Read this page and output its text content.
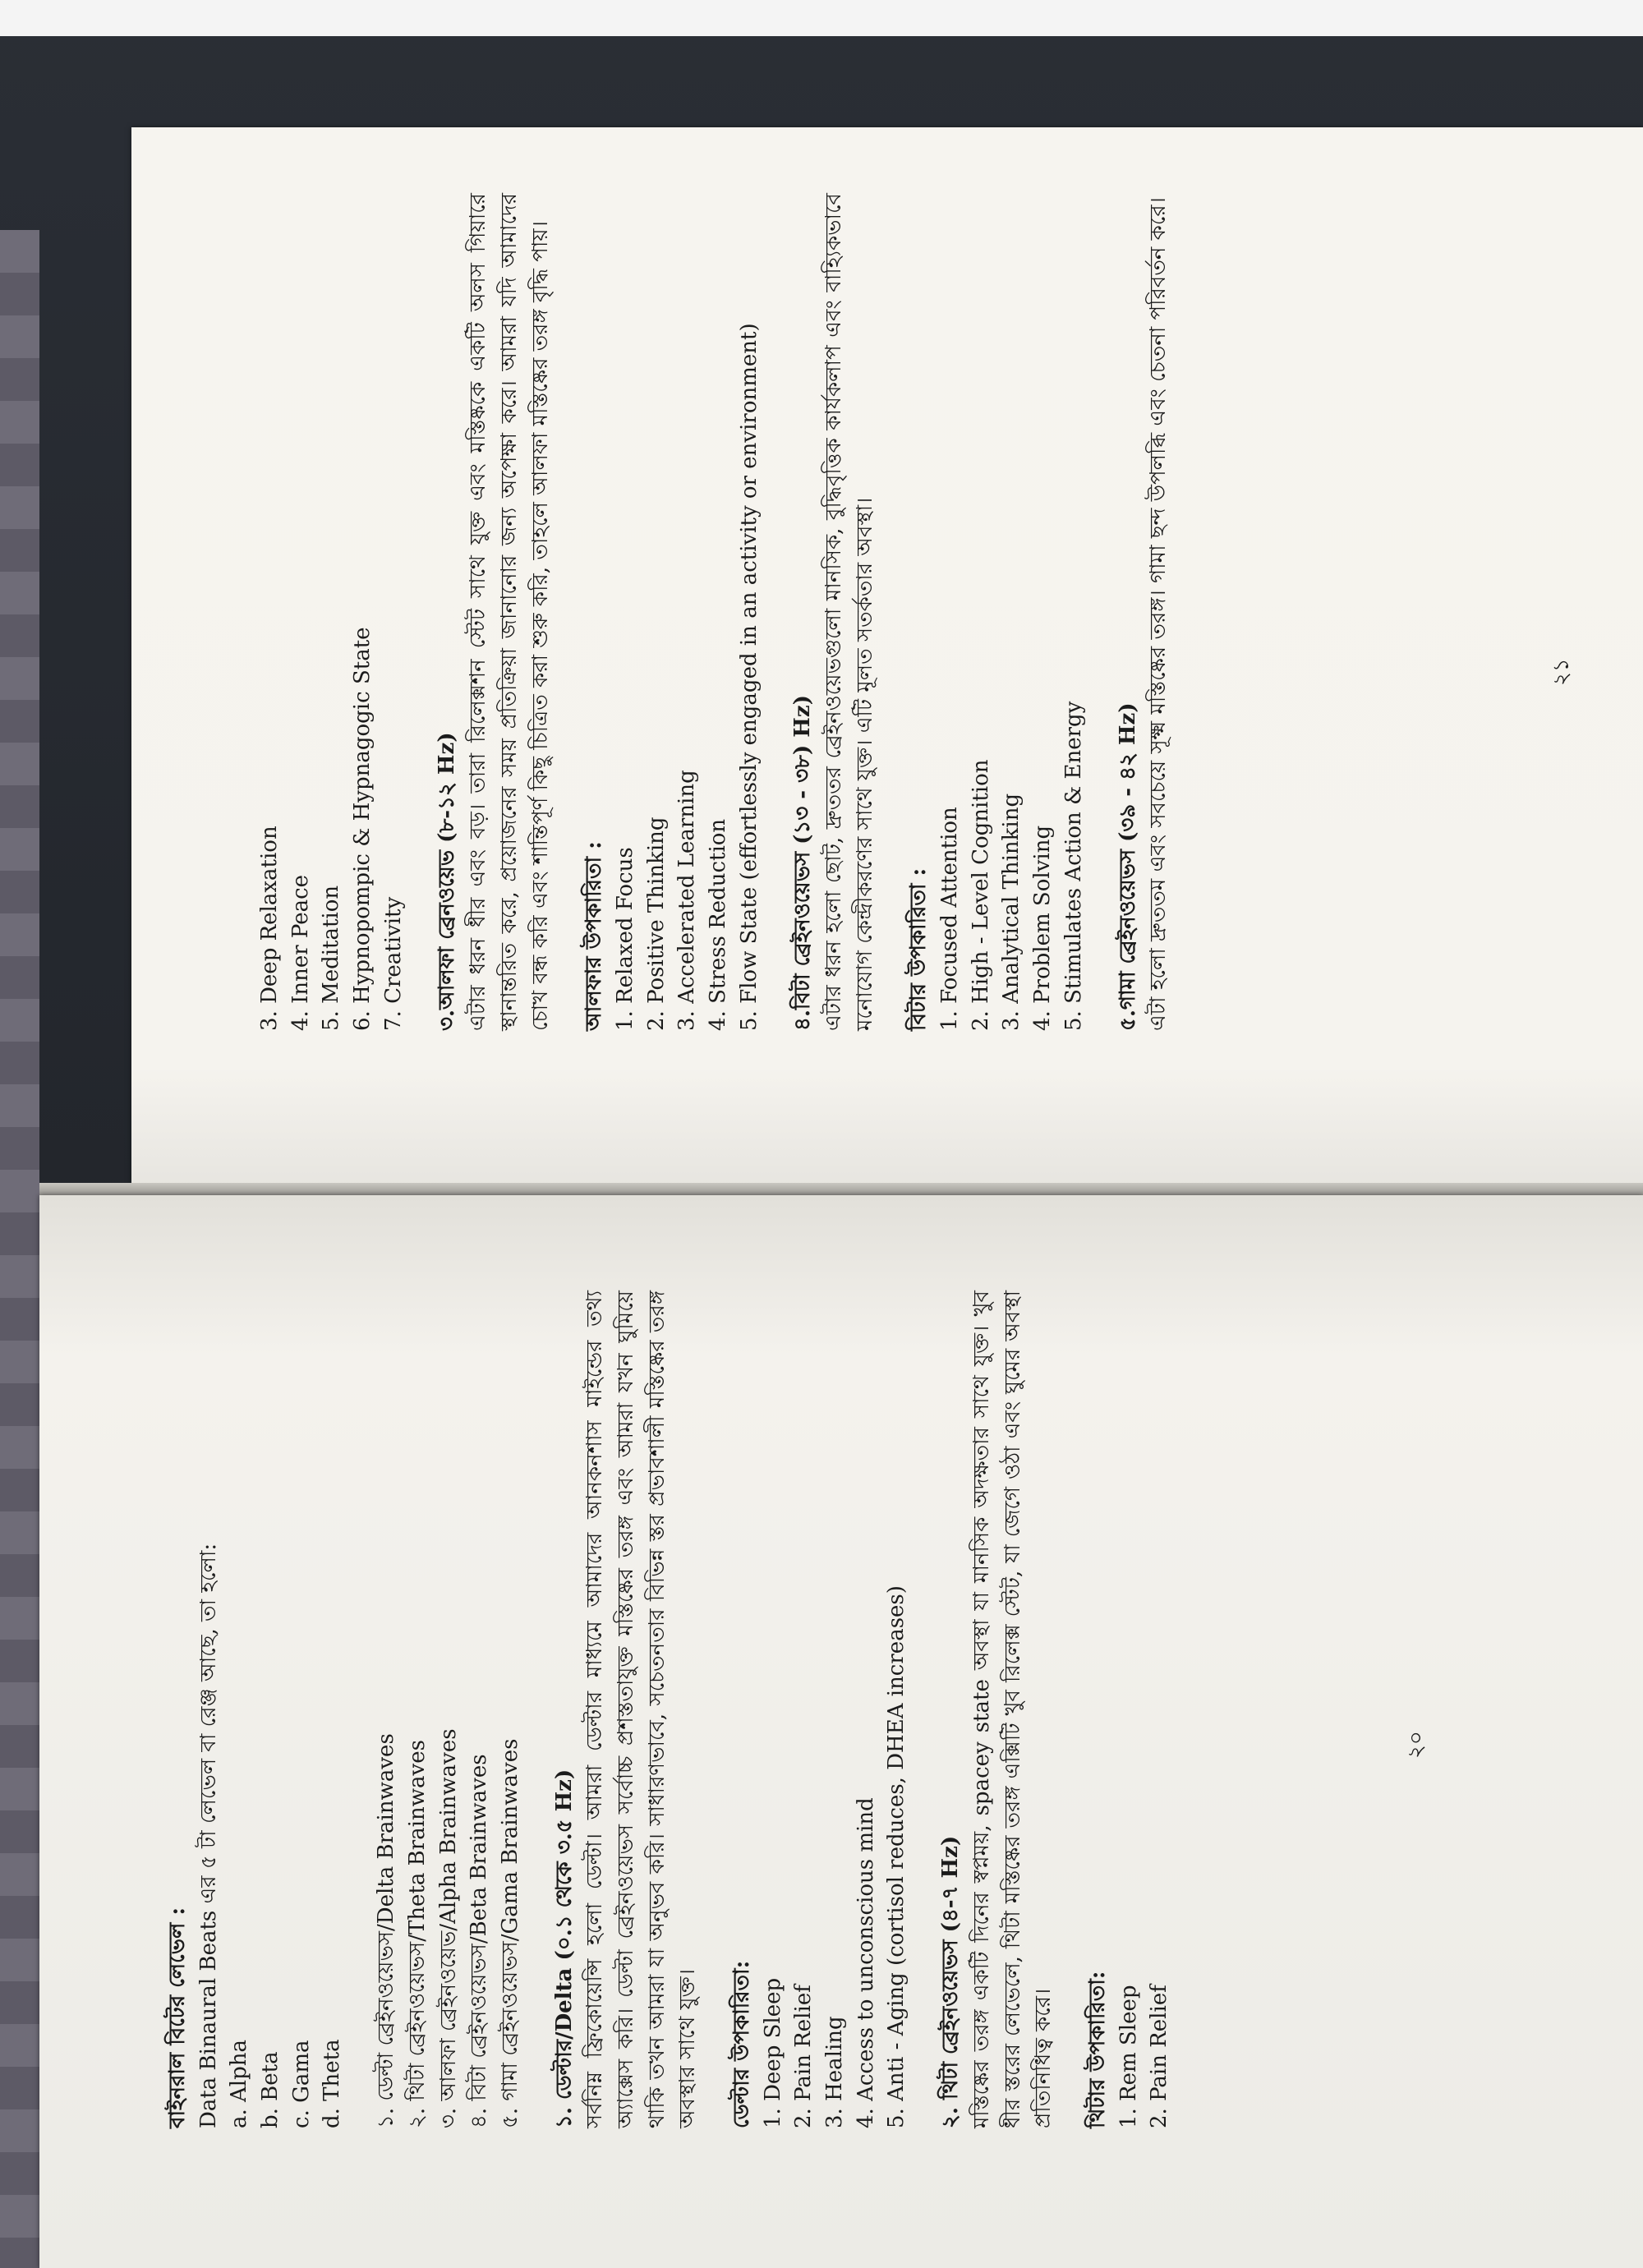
3. Deep Relaxation 4. Inner Peace 5. Meditation 6. Hypnopompic & Hypnagogic State 7. Creativity ৩.আলফা ব্রেনওয়েভ (৮-১২ Hz) এটার ধরন ধীর এবং বড়। তারা রিলেক্সশন স্টেট সাথে যুক্ত এবং মস্তিষ্ককে একটি অলস গিয়ারে স্থানান্তরিত করে, প্রয়োজনের সময় প্রতিক্রিয়া জানানোর জন্য অপেক্ষা করে। আমরা যদি আমাদের চোখ বন্ধ করি এবং শান্তিপূর্ণ কিছু চিত্রিত করা শুরু করি, তাহলে আলফা মস্তিষ্কের তরঙ্গ বৃদ্ধি পায়। আলফার উপকারিতা : 1. Relaxed Focus 2. Positive Thinking 3. Accelerated Learning 4. Stress Reduction 5. Flow State (effortlessly engaged in an activity or environment) ৪.বিটা ব্রেইনওয়েভস (১৩ - ৩৮) Hz) এটার ধরন হলো ছোট, দ্রুততর ব্রেইনওয়েভগুলো মানসিক, বুদ্ধিবৃত্তিক কার্যকলাপ এবং বাহ্যিকভাবে মনোযোগ কেন্দ্রীকরণের সাথে যুক্ত। এটি মূলত সতর্কতার অবস্থা। বিটার উপকারিতা : 1. Focused Attention 2. High - Level Cognition 3. Analytical Thinking 4. Problem Solving 5. Stimulates Action & Energy ৫.গামা ব্রেইনওয়েভস (৩৯ - ৪২ Hz) এটা হলো দ্রুততম এবং সবচেয়ে সূক্ষ্ম মস্তিষ্কের তরঙ্গ। গামা ছন্দ উপলব্ধি এবং চেতনা পরিবর্তন করে।	২১

বাইনরাল বিটের লেভেল : Data Binaural Beats এর ৫ টা লেভেল বা রেঞ্জ আছে, তা হলো: a. Alpha b. Beta c. Gama d. Theta ১. ডেল্টা ব্রেইনওয়েভস/Delta Brainwaves ২. থিটা ব্রেইনওয়েভস/Theta Brainwaves ৩. আলফা ব্রেইনওয়েভ/Alpha Brainwaves ৪. বিটা ব্রেইনওয়েভস/Beta Brainwaves ৫. গামা ব্রেইনওয়েভস/Gama Brainwaves ১. ডেল্টার/Delta (০.১ থেকে ৩.৫ Hz) সর্বনিম্ন ফ্রিকোয়েন্সি হলো ডেল্টা। আমরা ডেল্টার মাধ্যমে আমাদের আনকনশাস মাইন্ডের তথ্য অ্যাক্সেস করি। ডেল্টা ব্রেইনওয়েভস সর্বোচ্চ প্রশস্ততাযুক্ত মস্তিষ্কের তরঙ্গ এবং আমরা যখন ঘুমিয়ে থাকি তখন আমরা যা অনুভব করি। সাধারণভাবে, সচেতনতার বিভিন্ন স্তর প্রভাবশালী মস্তিষ্কের তরঙ্গ অবস্থার সাথে যুক্ত। ডেল্টার উপকারিতা: 1. Deep Sleep 2. Pain Relief 3. Healing 4. Access to unconscious mind 5. Anti - Aging (cortisol reduces, DHEA increases) ২. থিটা ব্রেইনওয়েভস (৪-৭ Hz) মস্তিষ্কের তরঙ্গ একটি দিনের স্বপ্নময়, spacey state অবস্থা যা মানসিক অদক্ষতার সাথে যুক্ত। খুব ধীর স্তরের লেভেলে, থিটা মস্তিষ্কের তরঙ্গ এক্সিটি খুব রিলেক্স স্টেট, যা জেগে ওঠা এবং ঘুমের অবস্থা প্রতিনিধিত্ব করে। থিটার উপকারিতা: 1. Rem Sleep 2. Pain Relief

২০
